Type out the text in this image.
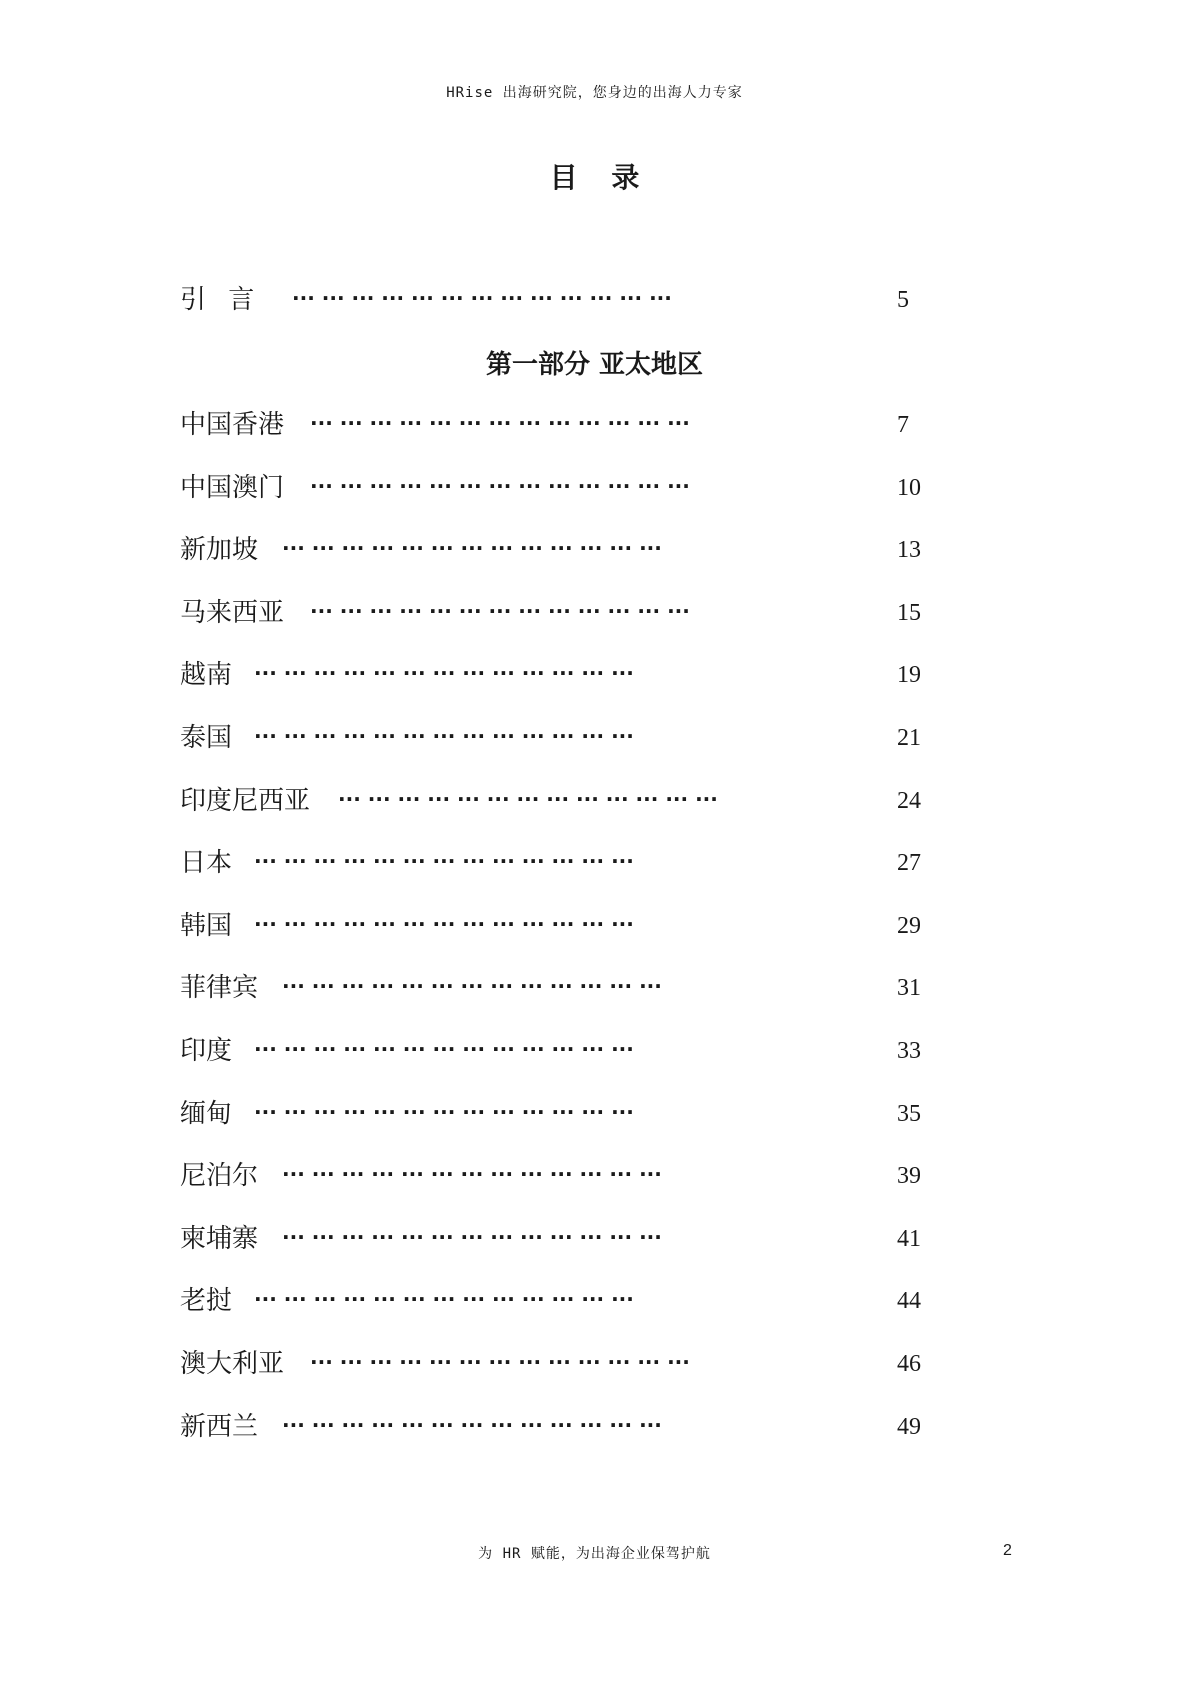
HRise 出海研究院，您身边的出海人力专家
目 录
引 言 ··· ··· ··· ··· ··· ··· ··· ··· ··· ··· ··· ··· ···	5
第一部分 亚太地区
中国香港 ··· ··· ··· ··· ··· ··· ··· ··· ··· ··· ··· ··· ···	7
中国澳门 ··· ··· ··· ··· ··· ··· ··· ··· ··· ··· ··· ··· ···	10
新加坡 ··· ··· ··· ··· ··· ··· ··· ··· ··· ··· ··· ··· ···	13
马来西亚 ··· ··· ··· ··· ··· ··· ··· ··· ··· ··· ··· ··· ···	15
越南 ··· ··· ··· ··· ··· ··· ··· ··· ··· ··· ··· ··· ···	19
泰国 ··· ··· ··· ··· ··· ··· ··· ··· ··· ··· ··· ··· ···	21
印度尼西亚 ··· ··· ··· ··· ··· ··· ··· ··· ··· ··· ··· ··· ···	24
日本 ··· ··· ··· ··· ··· ··· ··· ··· ··· ··· ··· ··· ···	27
韩国 ··· ··· ··· ··· ··· ··· ··· ··· ··· ··· ··· ··· ···	29
菲律宾 ··· ··· ··· ··· ··· ··· ··· ··· ··· ··· ··· ··· ···	31
印度 ··· ··· ··· ··· ··· ··· ··· ··· ··· ··· ··· ··· ···	33
缅甸 ··· ··· ··· ··· ··· ··· ··· ··· ··· ··· ··· ··· ···	35
尼泊尔 ··· ··· ··· ··· ··· ··· ··· ··· ··· ··· ··· ··· ···	39
柬埔寨 ··· ··· ··· ··· ··· ··· ··· ··· ··· ··· ··· ··· ···	41
老挝 ··· ··· ··· ··· ··· ··· ··· ··· ··· ··· ··· ··· ···	44
澳大利亚 ··· ··· ··· ··· ··· ··· ··· ··· ··· ··· ··· ··· ···	46
新西兰 ··· ··· ··· ··· ··· ··· ··· ··· ··· ··· ··· ··· ···	49
为 HR 赋能，为出海企业保驾护航	2
